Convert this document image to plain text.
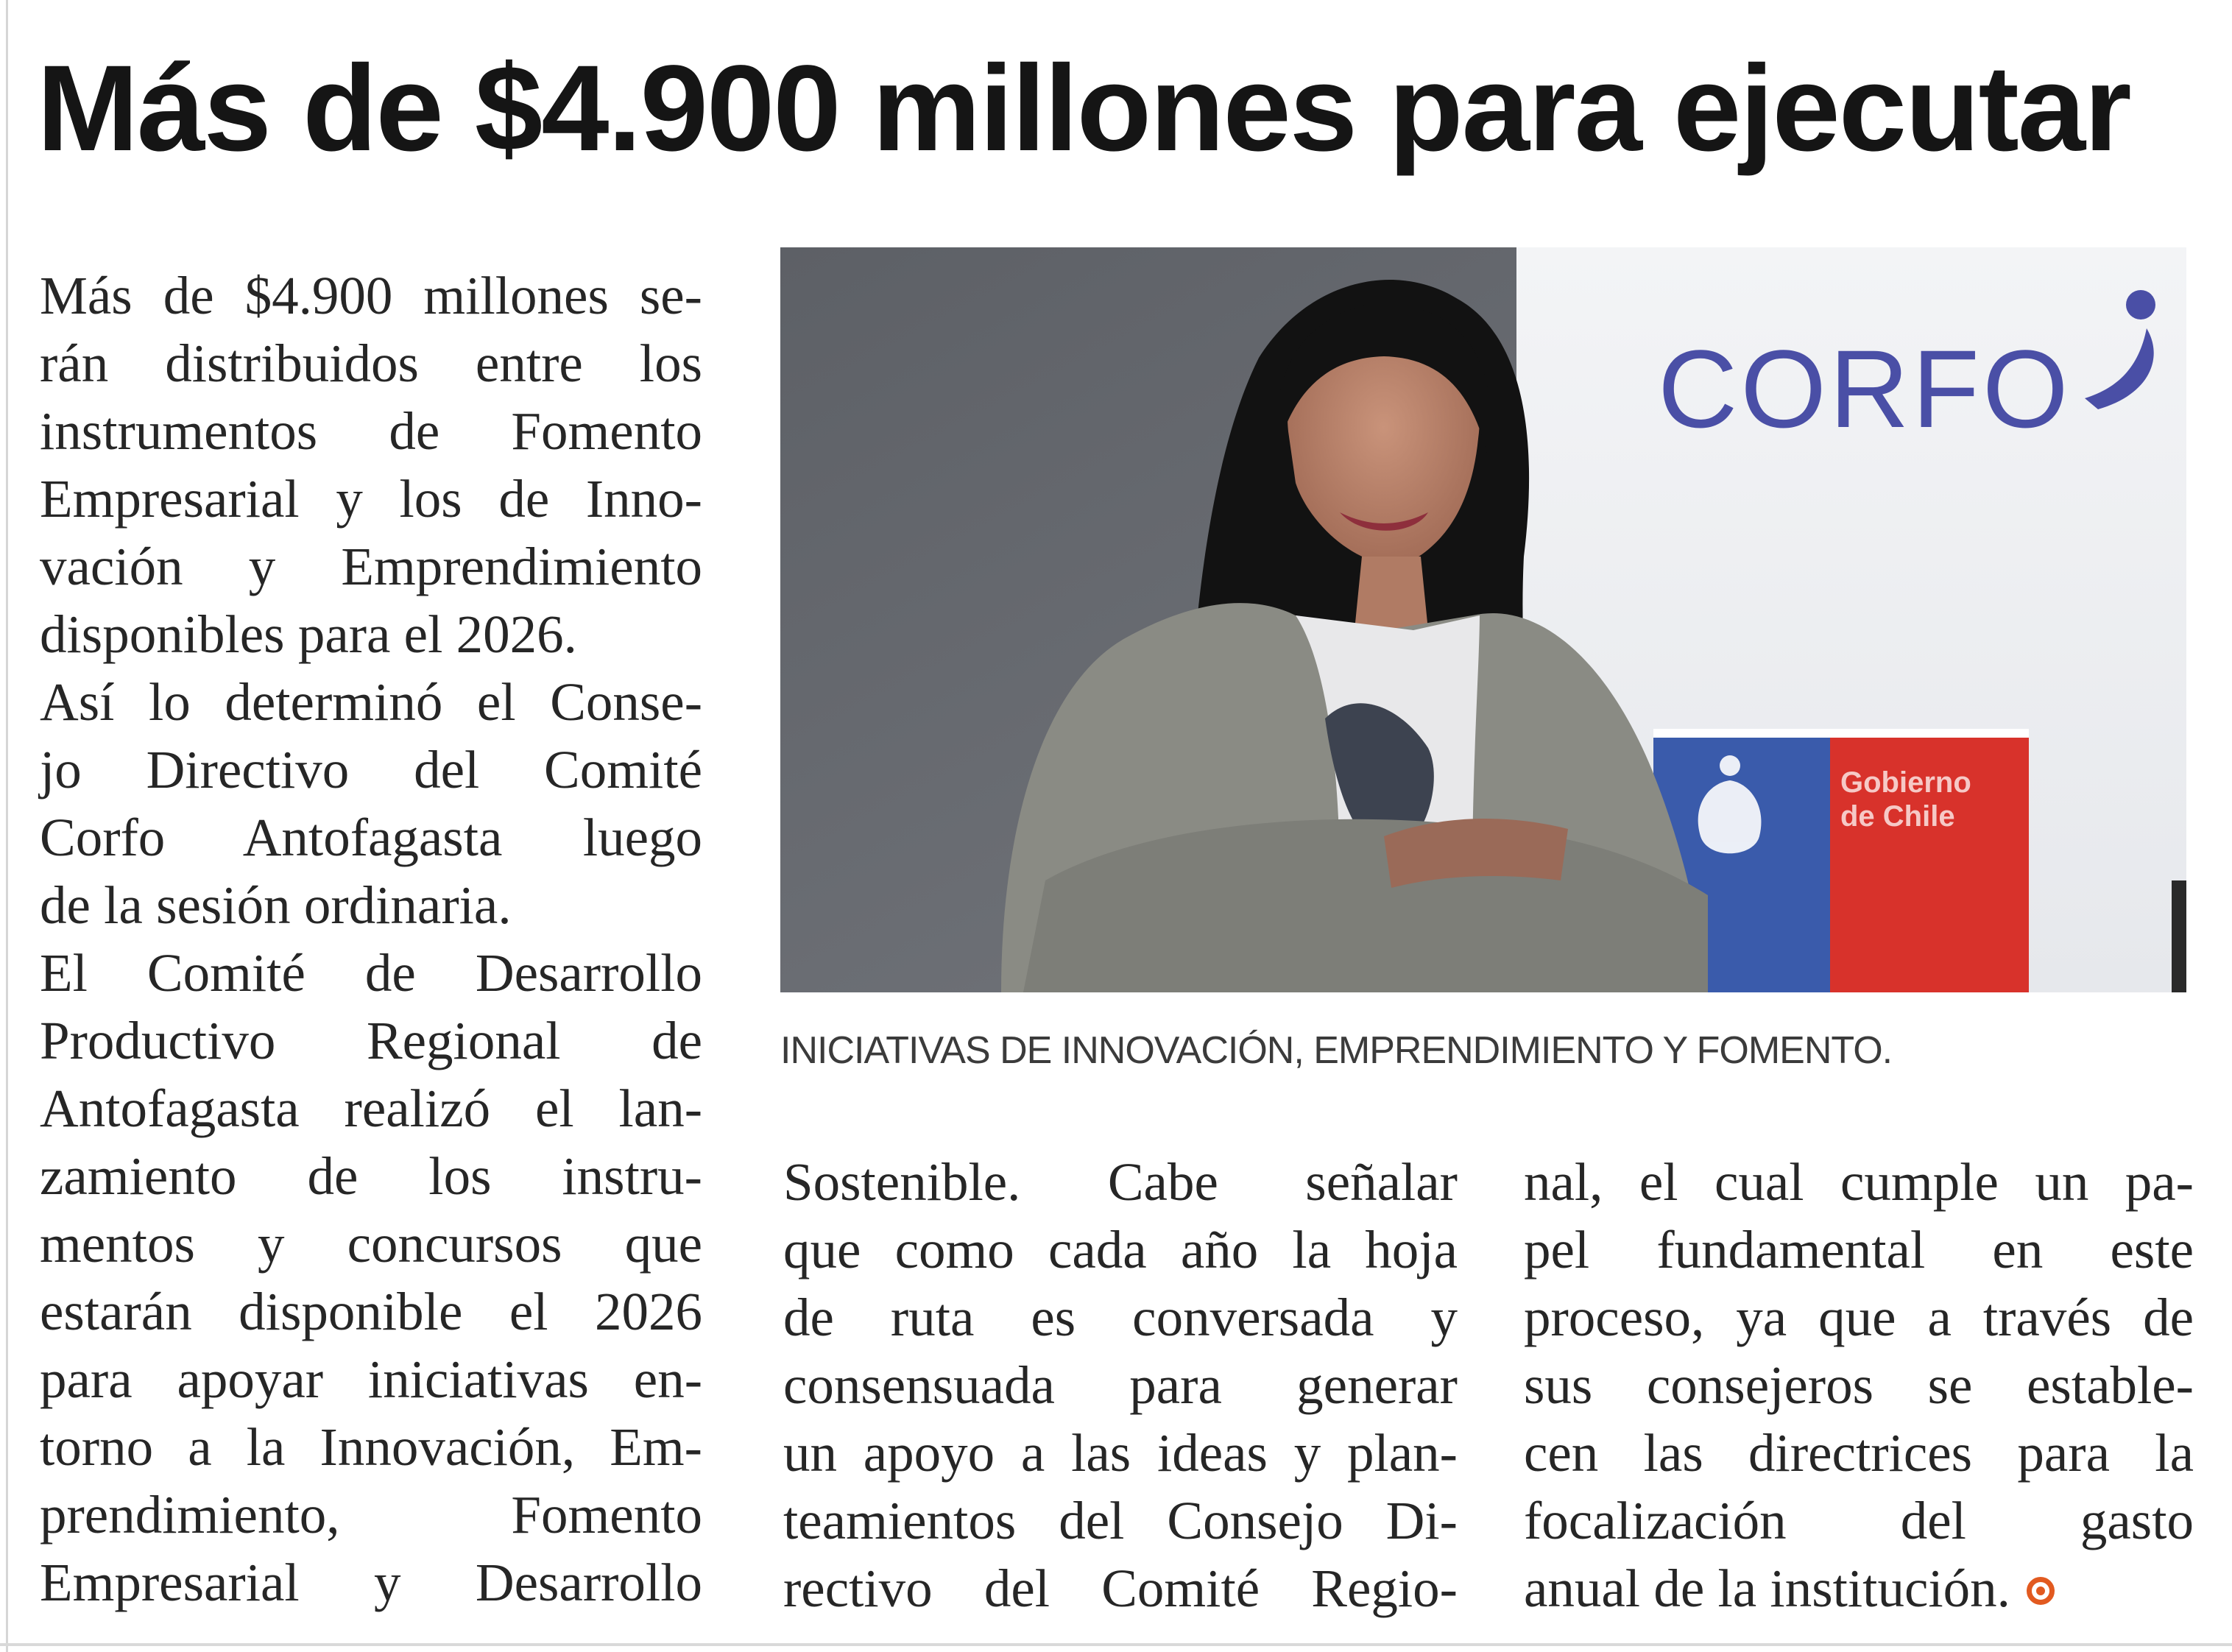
Más de $4.900 millones para ejecutar
Más de $4.900 millones se-
rán distribuidos entre los
instrumentos de Fomento
Empresarial y los de Inno-
vación y Emprendimiento
disponibles para el 2026.
Así lo determinó el Conse-
jo Directivo del Comité
Corfo Antofagasta luego
de la sesión ordinaria.
El Comité de Desarrollo
Productivo Regional de
Antofagasta realizó el lan-
zamiento de los instru-
mentos y concursos que
estarán disponible el 2026
para apoyar iniciativas en-
torno a la Innovación, Em-
prendimiento, Fomento
Empresarial y Desarrollo
CORFO
Gobierno
de Chile
INICIATIVAS DE INNOVACIÓN, EMPRENDIMIENTO Y FOMENTO.
Sostenible. Cabe señalar
que como cada año la hoja
de ruta es conversada y
consensuada para generar
un apoyo a las ideas y plan-
teamientos del Consejo Di-
rectivo del Comité Regio-
nal, el cual cumple un pa-
pel fundamental en este
proceso, ya que a través de
sus consejeros se estable-
cen las directrices para la
focalización del gasto
anual de la institución.
